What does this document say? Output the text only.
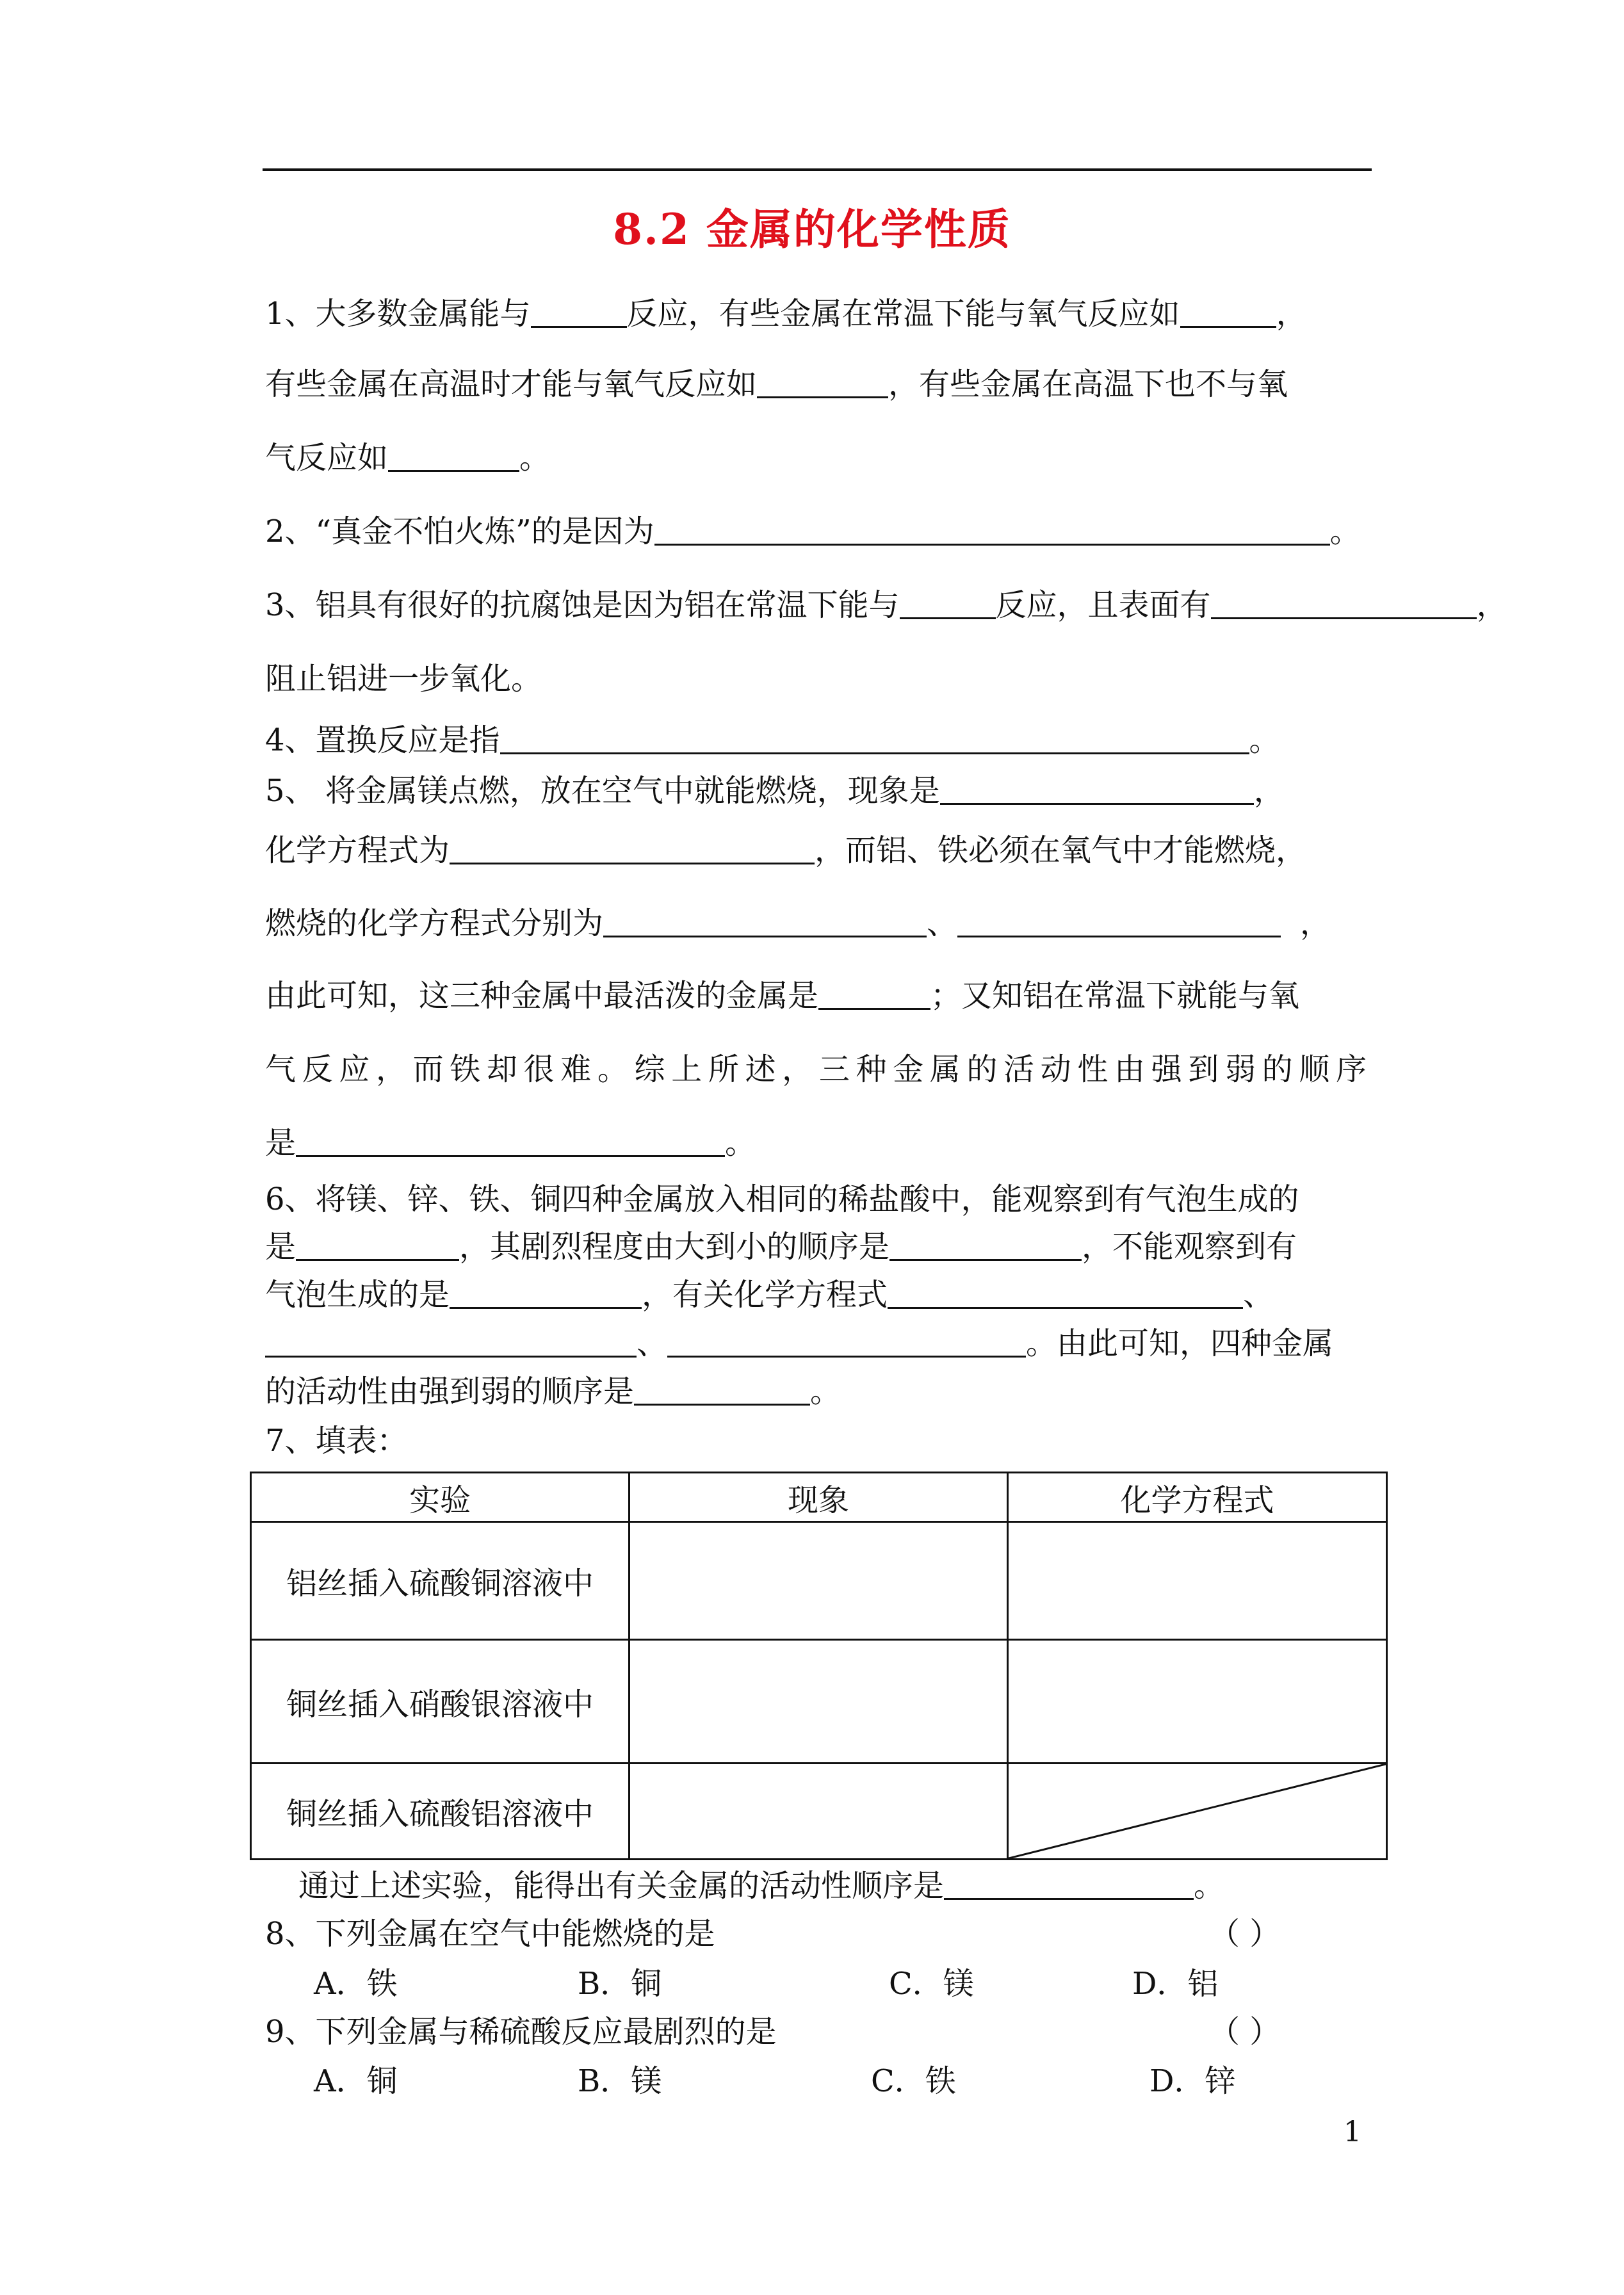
8.2 金属的化学性质
1、大多数金属能与	反应，有些金属在常温下能与氧气反应如	，
有些金属在高温时才能与氧气反应如	，有些金属在高温下也不与氧
气反应如	。
2、“真金不怕火炼”的是因为	。
3、铝具有很好的抗腐蚀是因为铝在常温下能与	反应，且表面有	，
阻止铝进一步氧化。
4、置换反应是指	。
5、 将金属镁点燃，放在空气中就能燃烧，现象是	，
化学方程式为	，而铝、铁必须在氧气中才能燃烧，
燃烧的化学方程式分别为	、	，
由此可知，这三种金属中最活泼的金属是	；又知铝在常温下就能与氧
气反应，而铁却很难。综上所述，三种金属的活动性由强到弱的顺序
是	。
6、将镁、锌、铁、铜四种金属放入相同的稀盐酸中，能观察到有气泡生成的
是	，其剧烈程度由大到小的顺序是	，不能观察到有
气泡生成的是	，有关化学方程式	、
、	。由此可知，四种金属
的活动性由强到弱的顺序是	。
7、填表：
实验	现象	化学方程式
铝丝插入硫酸铜溶液中		
铜丝插入硝酸银溶液中		
铜丝插入硫酸铝溶液中		
通过上述实验，能得出有关金属的活动性顺序是	。
8、下列金属在空气中能燃烧的是	（ ）
A．铁	B．铜	C．镁	D．铝
9、下列金属与稀硫酸反应最剧烈的是	（ ）
A．铜	B．镁	C．铁	D．锌
1
